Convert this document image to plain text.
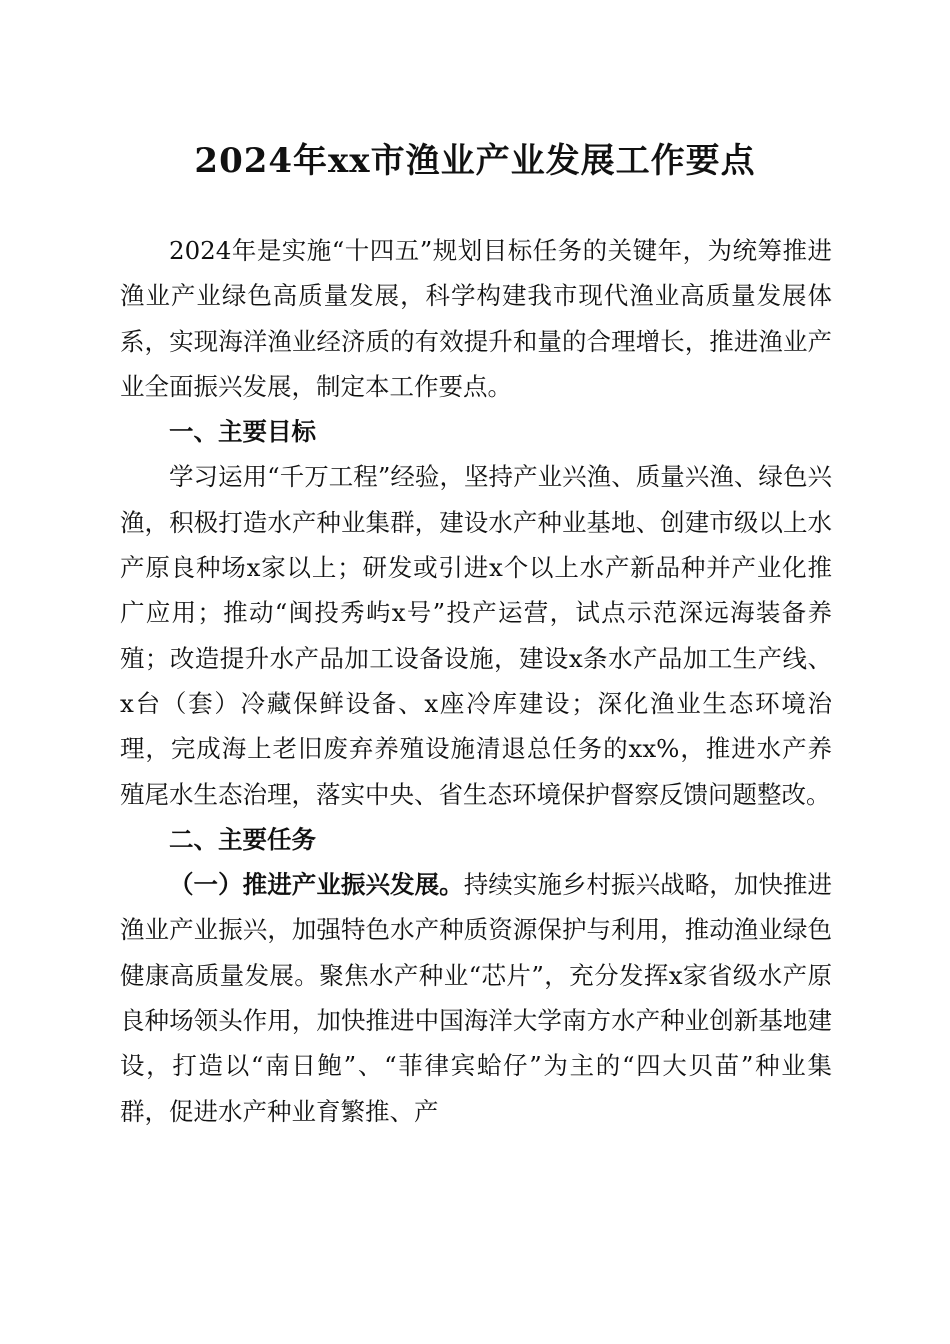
2024年xx市渔业产业发展工作要点

2024年是实施“十四五”规划目标任务的关键年，为统筹推进渔业产业绿色高质量发展，科学构建我市现代渔业高质量发展体系，实现海洋渔业经济质的有效提升和量的合理增长，推进渔业产业全面振兴发展，制定本工作要点。

一、主要目标

学习运用“千万工程”经验，坚持产业兴渔、质量兴渔、绿色兴渔，积极打造水产种业集群，建设水产种业基地、创建市级以上水产原良种场x家以上；研发或引进x个以上水产新品种并产业化推广应用；推动“闽投秀屿x号”投产运营，试点示范深远海装备养殖；改造提升水产品加工设备设施，建设x条水产品加工生产线、x台（套）冷藏保鲜设备、x座冷库建设；深化渔业生态环境治理，完成海上老旧废弃养殖设施清退总任务的xx%，推进水产养殖尾水生态治理，落实中央、省生态环境保护督察反馈问题整改。

二、主要任务

（一）推进产业振兴发展。持续实施乡村振兴战略，加快推进渔业产业振兴，加强特色水产种质资源保护与利用，推动渔业绿色健康高质量发展。聚焦水产种业“芯片”，充分发挥x家省级水产原良种场领头作用，加快推进中国海洋大学南方水产种业创新基地建设，打造以“南日鲍”、“菲律宾蛤仔”为主的“四大贝苗”种业集群，促进水产种业育繁推、产
